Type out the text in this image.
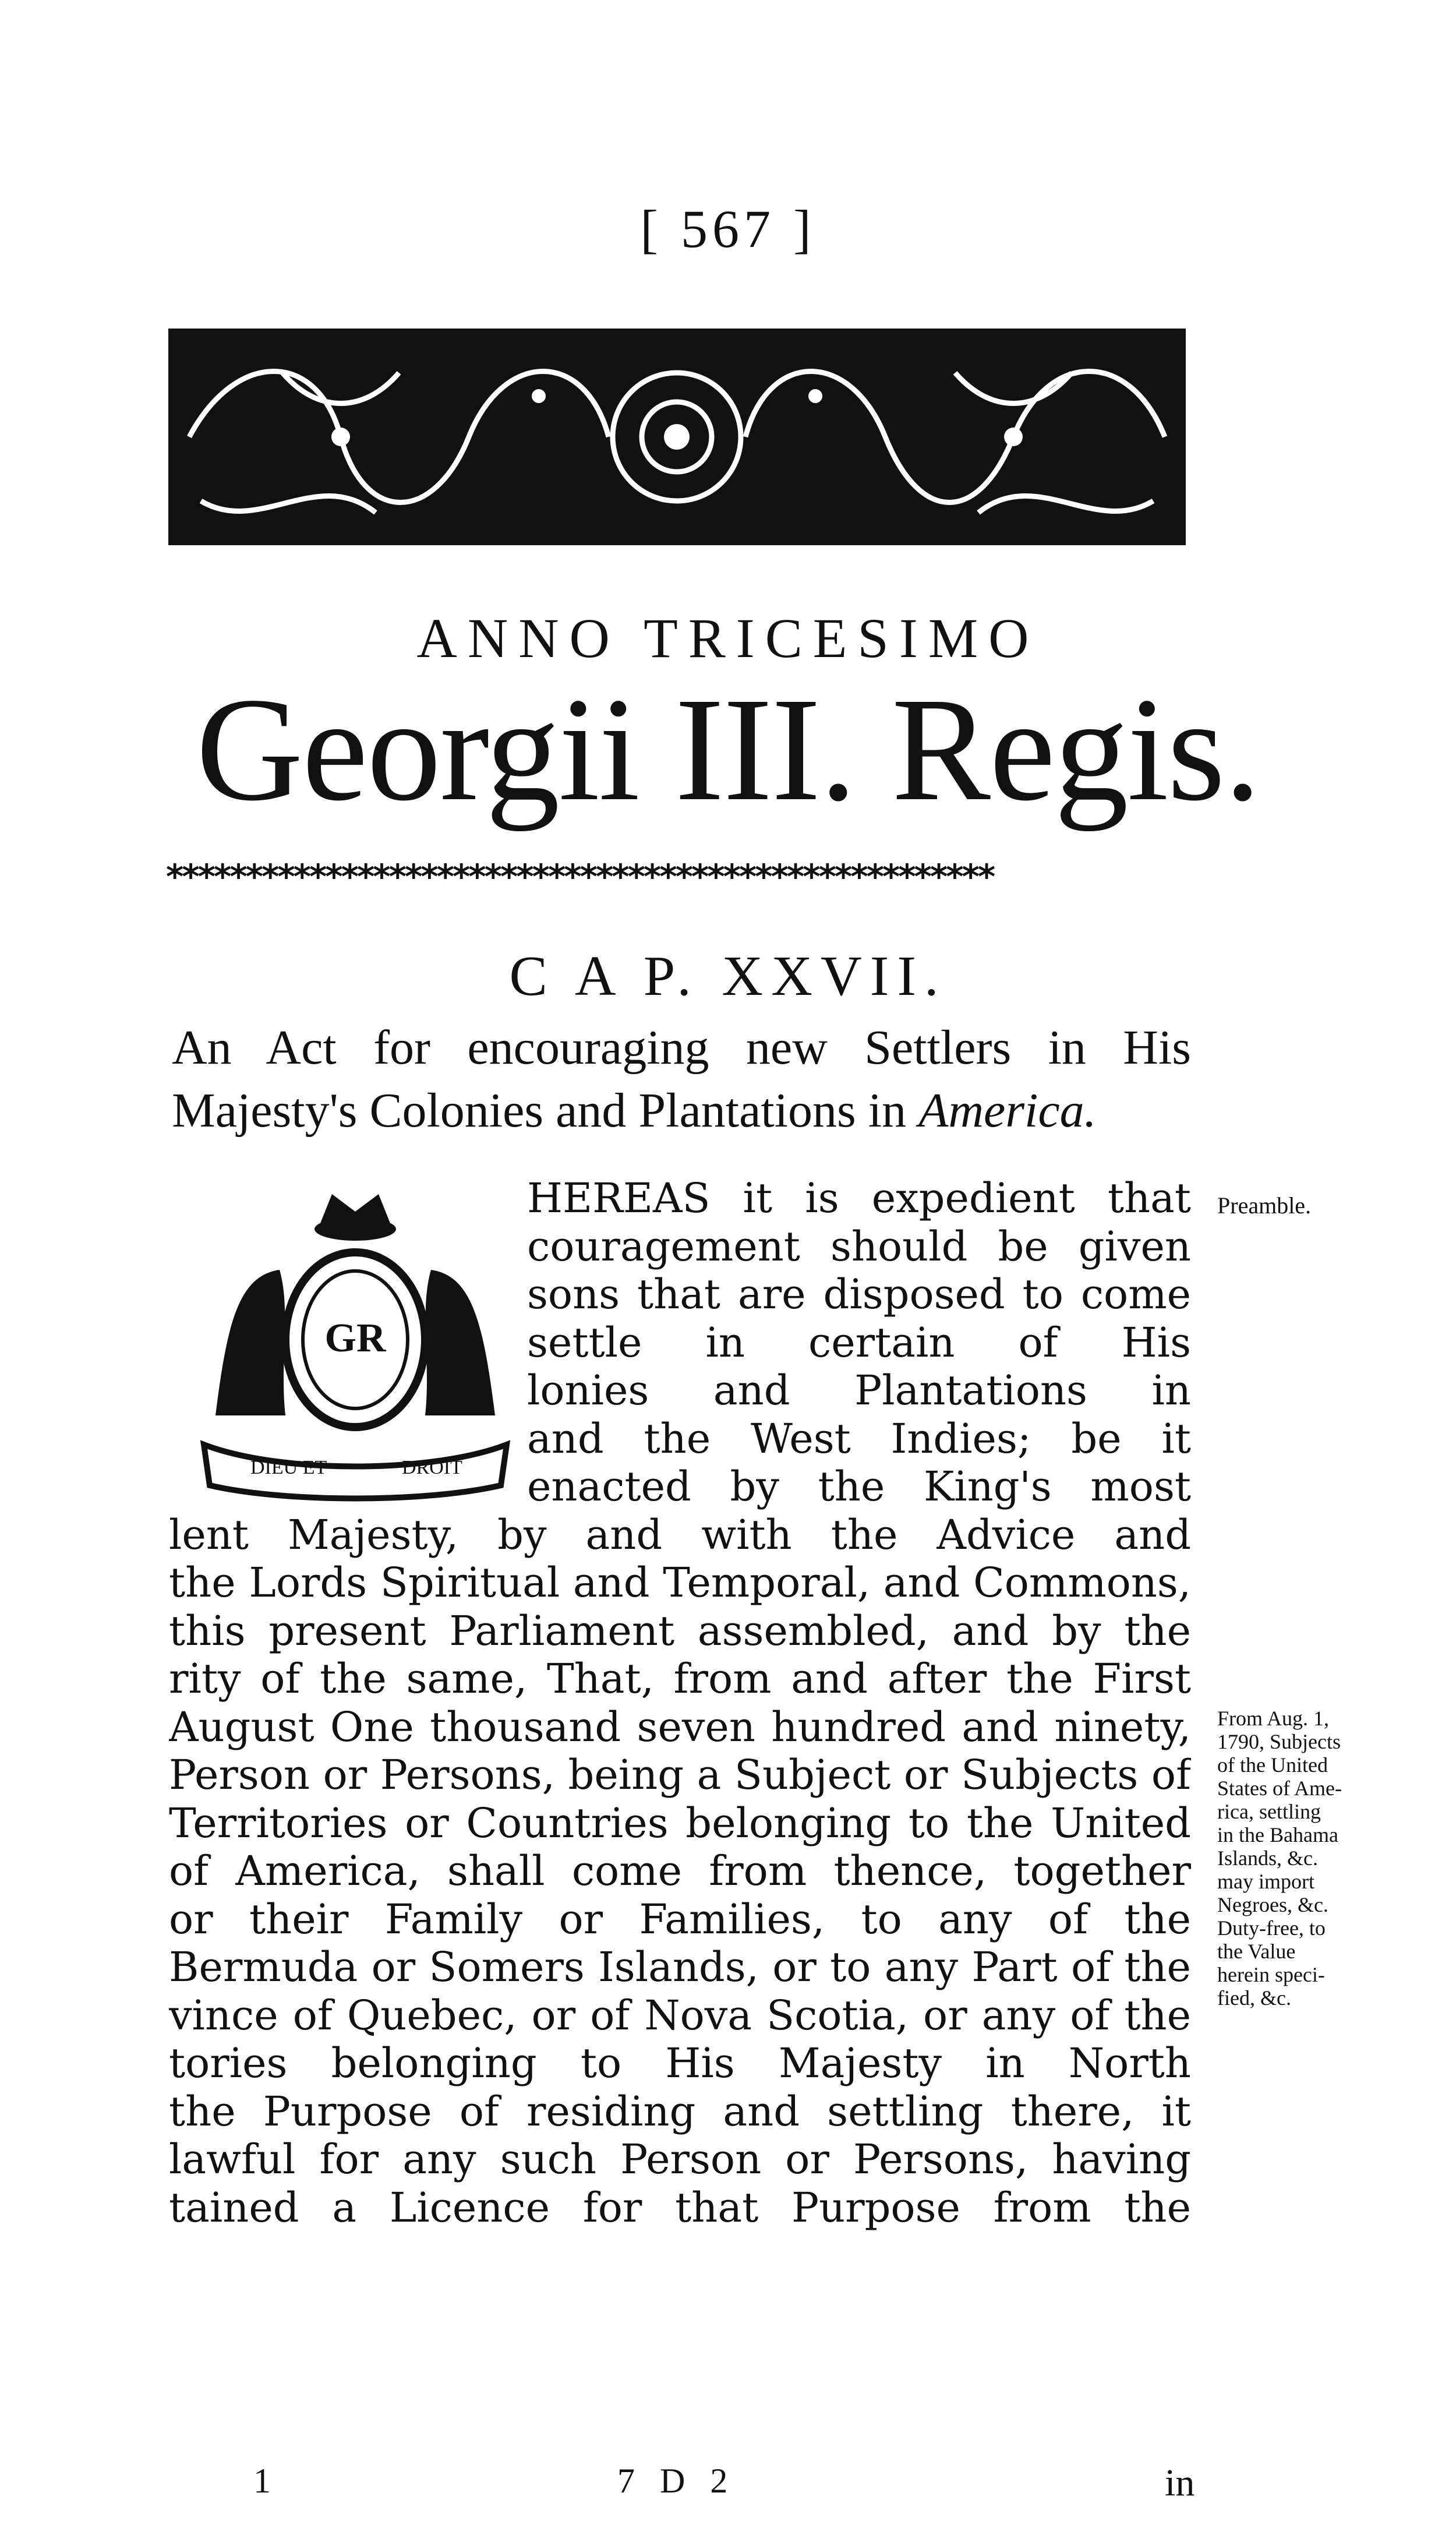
[ 567 ]
ANNO TRICESIMO
Georgii III. Regis.
****************************************************
C A P. XXVII.
An Act for encouraging new Settlers in His Majesty's Colonies and Plantations in America.
GR
DIEU ET	DROIT
HEREAS it is expedient that
couragement should be given
sons that are disposed to come
settle in certain of His
lonies and Plantations in
and the West Indies; be it
enacted by the King's most
lent Majesty, by and with the Advice and
the Lords Spiritual and Temporal, and Commons,
this present Parliament assembled, and by the
rity of the same, That, from and after the First
August One thousand seven hundred and ninety,
Person or Persons, being a Subject or Subjects of
Territories or Countries belonging to the United
of America, shall come from thence, together
or their Family or Families, to any of the
Bermuda or Somers Islands, or to any Part of the
vince of Quebec, or of Nova Scotia, or any of the
tories belonging to His Majesty in North
the Purpose of residing and settling there, it
lawful for any such Person or Persons, having
tained a Licence for that Purpose from the
Preamble.
From Aug. 1,
1790, Subjects
of the United
States of Ame-
rica, settling
in the Bahama
Islands, &c.
may import
Negroes, &c.
Duty-free, to
the Value
herein speci-
fied, &c.
1	7 D 2	in
